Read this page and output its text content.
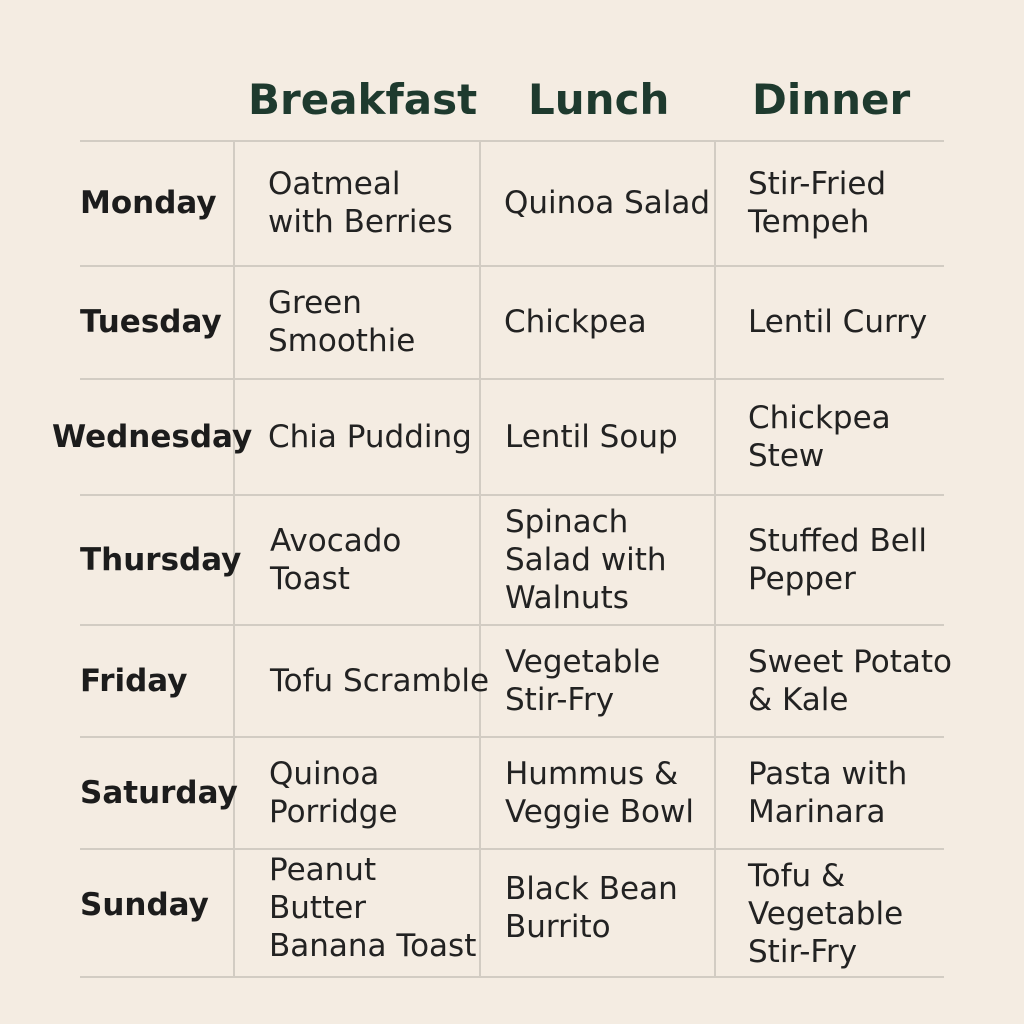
Breakfast Lunch Dinner
Monday
Oatmeal with Berries
Quinoa Salad
Stir-Fried Tempeh
Tuesday
Green Smoothie
Chickpea	Lentil Curry
Wednesday Chia Pudding Lentil Soup
Chickpea Stew
Thursday
Avocado Toast
Spinach Salad with Walnuts
Stuffed Bell Pepper
Friday	Tofu Scramble
Vegetable Stir-Fry
Sweet Potato & Kale
Saturday
Quinoa Porridge
Hummus & Veggie Bowl
Pasta with Marinara
Sunday
Peanut Butter Banana Toast
Black Bean Burrito
Tofu & Vegetable Stir-Fry
